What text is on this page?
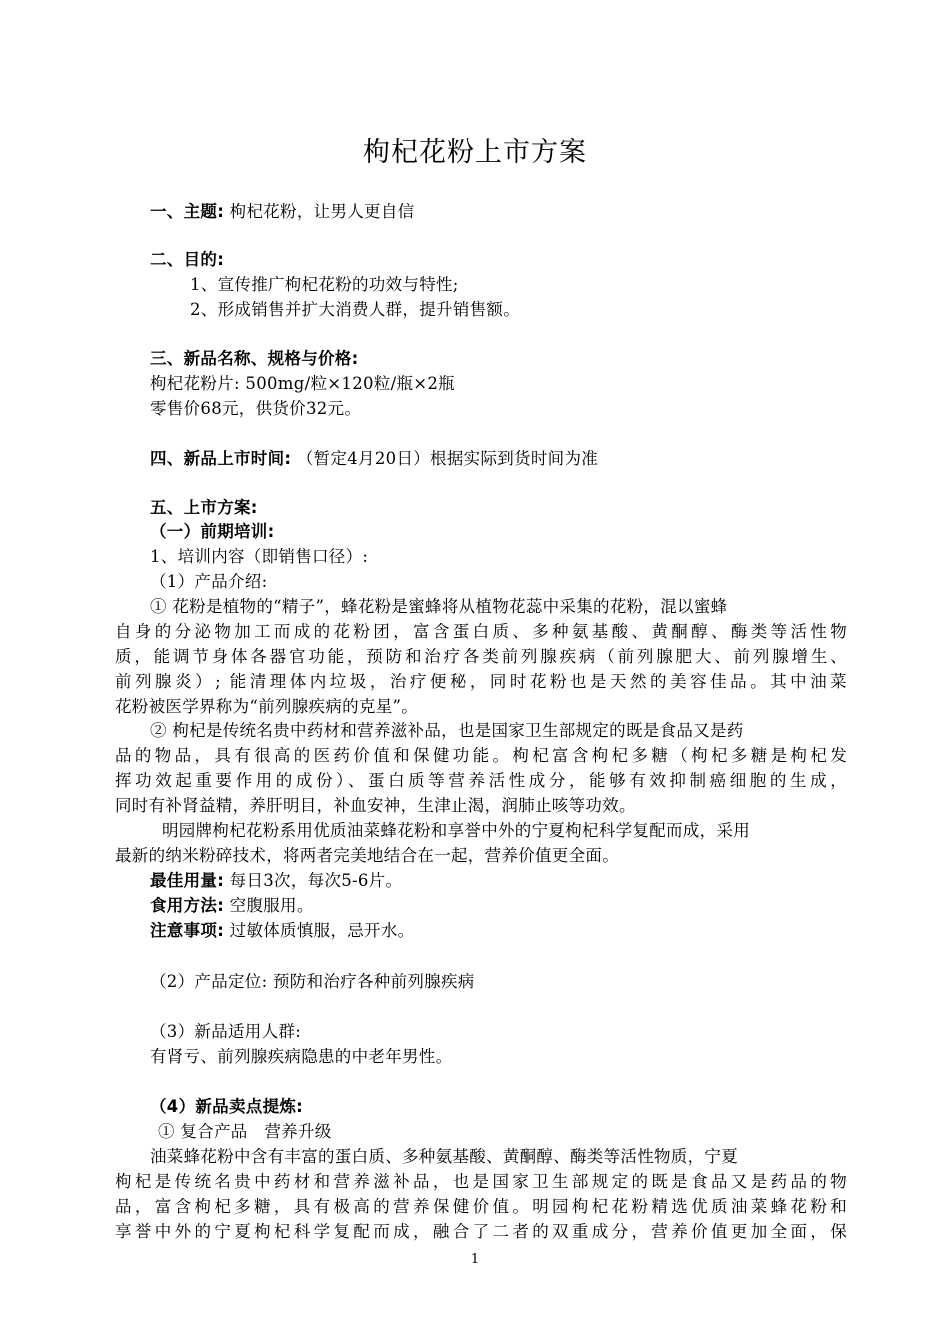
枸杞花粉上市方案
一、主题: 枸杞花粉，让男人更自信
二、目的:
1、宣传推广枸杞花粉的功效与特性;
2、形成销售并扩大消费人群，提升销售额。
三、新品名称、规格与价格:
枸杞花粉片: 500mg/粒×120粒/瓶×2瓶
零售价68元，供货价32元。
四、新品上市时间: （暂定4月20日）根据实际到货时间为准
五、上市方案:
（一）前期培训:
1、培训内容（即销售口径）:
（1）产品介绍:
① 花粉是植物的“精子”，蜂花粉是蜜蜂将从植物花蕊中采集的花粉，混以蜜蜂
自身的分泌物加工而成的花粉团，富含蛋白质、多种氨基酸、黄酮醇、酶类等活性物
质，能调节身体各器官功能，预防和治疗各类前列腺疾病（前列腺肥大、前列腺增生、
前列腺炎）; 能清理体内垃圾，治疗便秘，同时花粉也是天然的美容佳品。其中油菜
花粉被医学界称为“前列腺疾病的克星”。
② 枸杞是传统名贵中药材和营养滋补品，也是国家卫生部规定的既是食品又是药
品的物品，具有很高的医药价值和保健功能。枸杞富含枸杞多糖（枸杞多糖是枸杞发
挥功效起重要作用的成份）、蛋白质等营养活性成分，能够有效抑制癌细胞的生成，
同时有补肾益精，养肝明目，补血安神，生津止渴，润肺止咳等功效。
明园牌枸杞花粉系用优质油菜蜂花粉和享誉中外的宁夏枸杞科学复配而成，采用
最新的纳米粉碎技术，将两者完美地结合在一起，营养价值更全面。
最佳用量: 每日3次，每次5-6片。
食用方法: 空腹服用。
注意事项: 过敏体质慎服，忌开水。
（2）产品定位: 预防和治疗各种前列腺疾病
（3）新品适用人群:
有肾亏、前列腺疾病隐患的中老年男性。
（4）新品卖点提炼:
① 复合产品　营养升级
油菜蜂花粉中含有丰富的蛋白质、多种氨基酸、黄酮醇、酶类等活性物质，宁夏
枸杞是传统名贵中药材和营养滋补品，也是国家卫生部规定的既是食品又是药品的物
品，富含枸杞多糖，具有极高的营养保健价值。明园枸杞花粉精选优质油菜蜂花粉和
享誉中外的宁夏枸杞科学复配而成，融合了二者的双重成分，营养价值更加全面，保
1
